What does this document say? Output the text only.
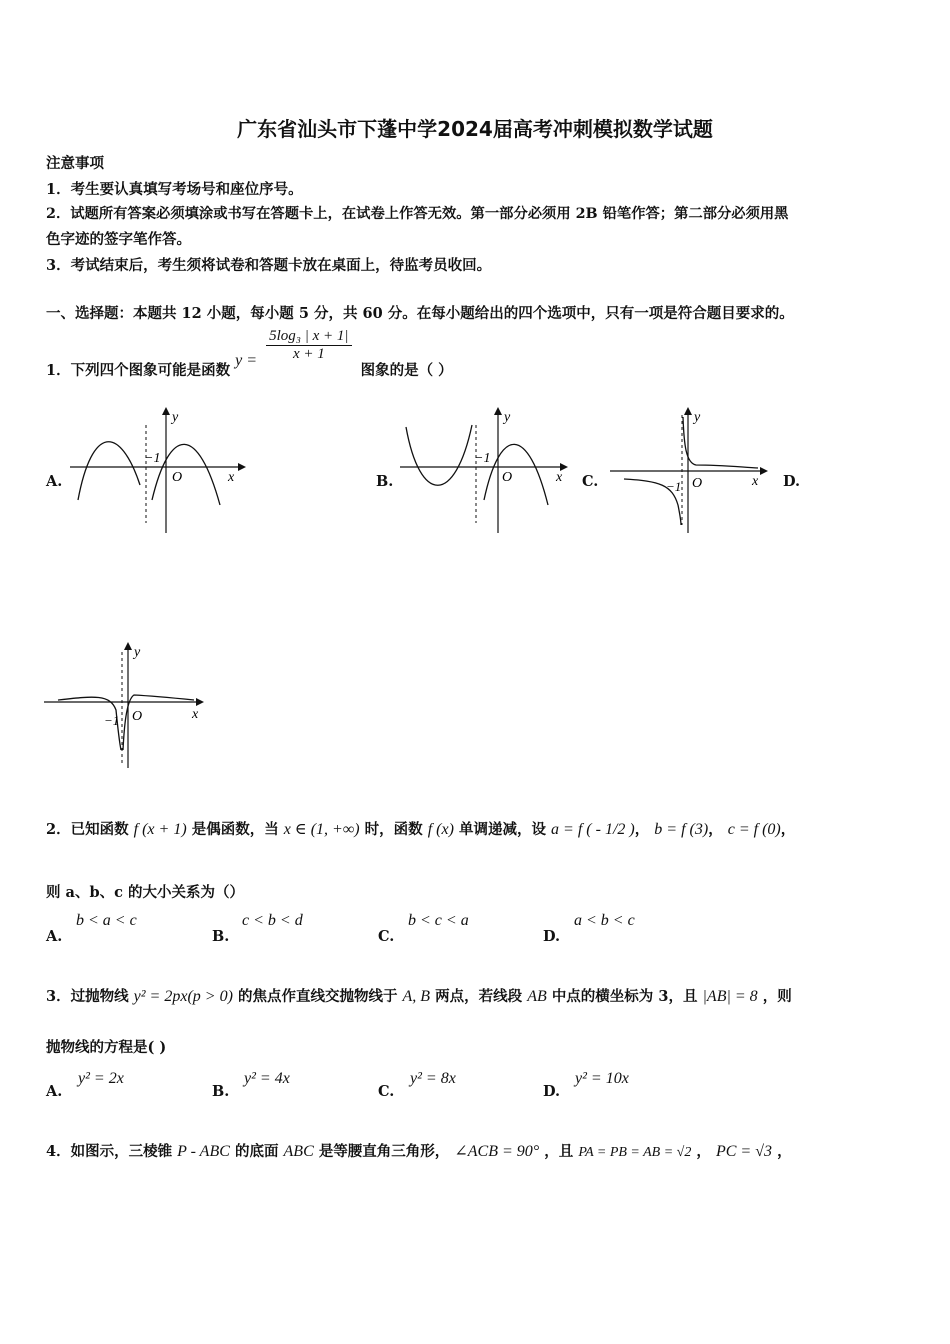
广东省汕头市下蓬中学2024届高考冲刺模拟数学试题
注意事项
1．考生要认真填写考场号和座位序号。
2．试题所有答案必须填涂或书写在答题卡上，在试卷上作答无效。第一部分必须用 2B 铅笔作答；第二部分必须用黑
色字迹的签字笔作答。
3．考试结束后，考生须将试卷和答题卡放在桌面上，待监考员收回。
一、选择题：本题共 12 小题，每小题 5 分，共 60 分。在每小题给出的四个选项中，只有一项是符合题目要求的。
1．下列四个图象可能是函数 $y = \frac{\text{5log₃ | x + 1|}}{x + 1}$
图象的是（ ）
A.
y
x
O
−1
B.
y
x
O
−1
C.
y
x
O
−1	D.
y
x
O
−1
2．已知函数 f (x + 1) 是偶函数，当 x ∈ (1, +∞) 时，函数 f (x) 单调递减，设 a = f ( - 1/2 )， b = f (3)， c = f (0)，
则 a、b、c 的大小关系为（）
A.
b < a < c
B.
c < b < d
C.
b < c < a
D.
a < b < c
3．过抛物线 y² = 2px(p > 0) 的焦点作直线交抛物线于 A, B 两点，若线段 AB 中点的横坐标为 3，且 |AB| = 8 ，则
抛物线的方程是( )
A.
y² = 2x
B.
y² = 4x
C.
y² = 8x
D.
y² = 10x
4．如图示，三棱锥 P - ABC 的底面 ABC 是等腰直角三角形， ∠ACB = 90° ，且 PA = PB = AB = √2 ， PC = √3 ，
